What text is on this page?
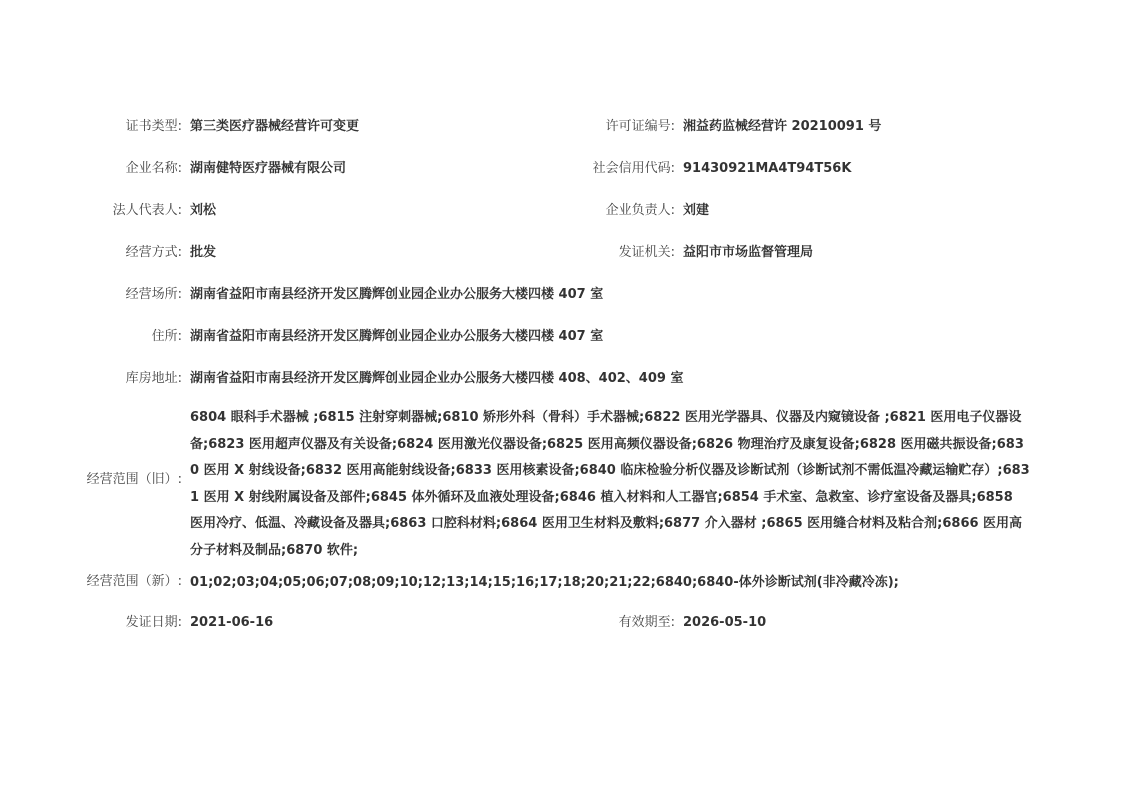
证书类型: 第三类医疗器械经营许可变更	许可证编号: 湘益药监械经营许 20210091 号
企业名称: 湖南健特医疗器械有限公司	社会信用代码: 91430921MA4T94T56K
法人代表人: 刘松	企业负责人: 刘建
经营方式: 批发	发证机关: 益阳市市场监督管理局
经营场所: 湖南省益阳市南县经济开发区腾辉创业园企业办公服务大楼四楼 407 室
住所: 湖南省益阳市南县经济开发区腾辉创业园企业办公服务大楼四楼 407 室
库房地址: 湖南省益阳市南县经济开发区腾辉创业园企业办公服务大楼四楼 408、402、409 室
经营范围（旧）:
6804 眼科手术器械 ;6815 注射穿刺器械;6810 矫形外科（骨科）手术器械;6822 医用光学器具、仪器及内窥镜设备 ;6821 医用电子仪器设备;6823 医用超声仪器及有关设备;6824 医用激光仪器设备;6825 医用高频仪器设备;6826 物理治疗及康复设备;6828 医用磁共振设备;6830 医用 X 射线设备;6832 医用高能射线设备;6833 医用核素设备;6840 临床检验分析仪器及诊断试剂（诊断试剂不需低温冷藏运输贮存）;6831 医用 X 射线附属设备及部件;6845 体外循环及血液处理设备;6846 植入材料和人工器官;6854 手术室、急救室、诊疗室设备及器具;6858 医用冷疗、低温、冷藏设备及器具;6863 口腔科材料;6864 医用卫生材料及敷料;6877 介入器材 ;6865 医用缝合材料及粘合剂;6866 医用高分子材料及制品;6870 软件;
经营范围（新）: 01;02;03;04;05;06;07;08;09;10;12;13;14;15;16;17;18;20;21;22;6840;6840-体外诊断试剂(非冷藏冷冻);
发证日期: 2021-06-16	有效期至: 2026-05-10
